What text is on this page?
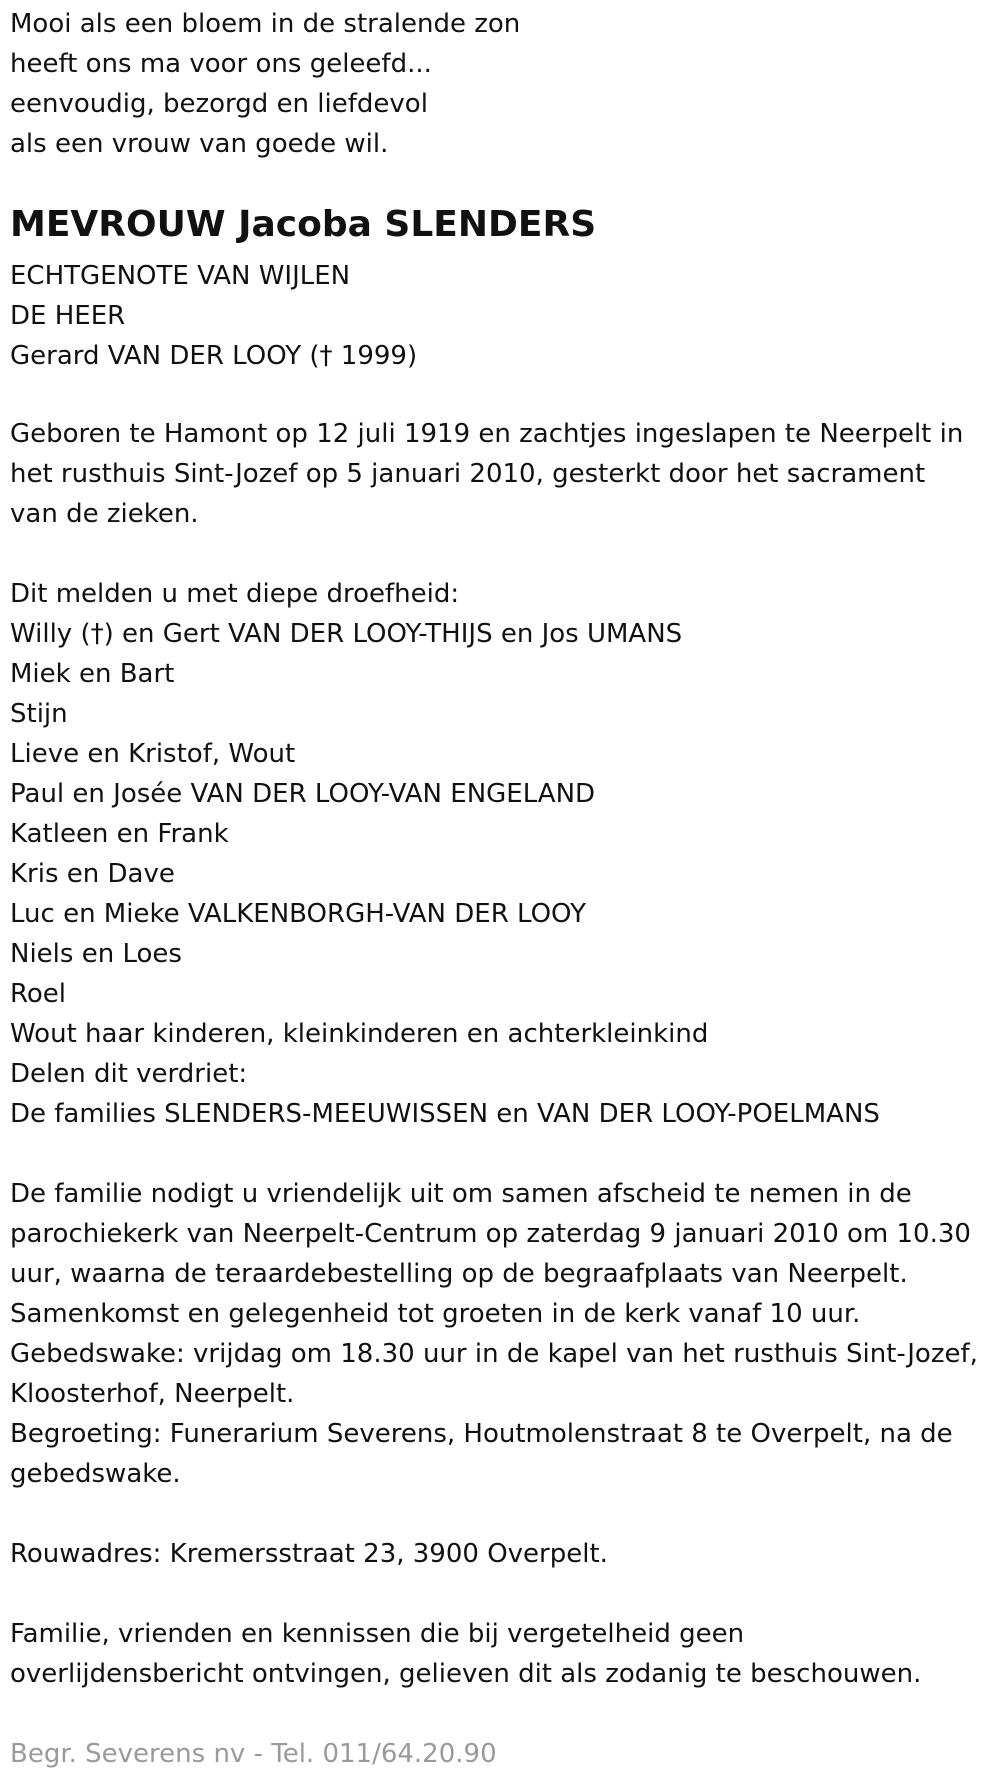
Mooi als een bloem in de stralende zon
heeft ons ma voor ons geleefd...
eenvoudig, bezorgd en liefdevol
als een vrouw van goede wil.
MEVROUW Jacoba SLENDERS
ECHTGENOTE VAN WIJLEN
DE HEER
Gerard VAN DER LOOY († 1999)
Geboren te Hamont op 12 juli 1919 en zachtjes ingeslapen te Neerpelt in
het rusthuis Sint-Jozef op 5 januari 2010, gesterkt door het sacrament
van de zieken.
Dit melden u met diepe droefheid:
Willy (†) en Gert VAN DER LOOY-THIJS en Jos UMANS
Miek en Bart
Stijn
Lieve en Kristof, Wout
Paul en Josée VAN DER LOOY-VAN ENGELAND
Katleen en Frank
Kris en Dave
Luc en Mieke VALKENBORGH-VAN DER LOOY
Niels en Loes
Roel
Wout haar kinderen, kleinkinderen en achterkleinkind
Delen dit verdriet:
De families SLENDERS-MEEUWISSEN en VAN DER LOOY-POELMANS
De familie nodigt u vriendelijk uit om samen afscheid te nemen in de
parochiekerk van Neerpelt-Centrum op zaterdag 9 januari 2010 om 10.30
uur, waarna de teraardebestelling op de begraafplaats van Neerpelt.
Samenkomst en gelegenheid tot groeten in de kerk vanaf 10 uur.
Gebedswake: vrijdag om 18.30 uur in de kapel van het rusthuis Sint-Jozef,
Kloosterhof, Neerpelt.
Begroeting: Funerarium Severens, Houtmolenstraat 8 te Overpelt, na de
gebedswake.
Rouwadres: Kremersstraat 23, 3900 Overpelt.
Familie, vrienden en kennissen die bij vergetelheid geen
overlijdensbericht ontvingen, gelieven dit als zodanig te beschouwen.
Begr. Severens nv - Tel. 011/64.20.90
